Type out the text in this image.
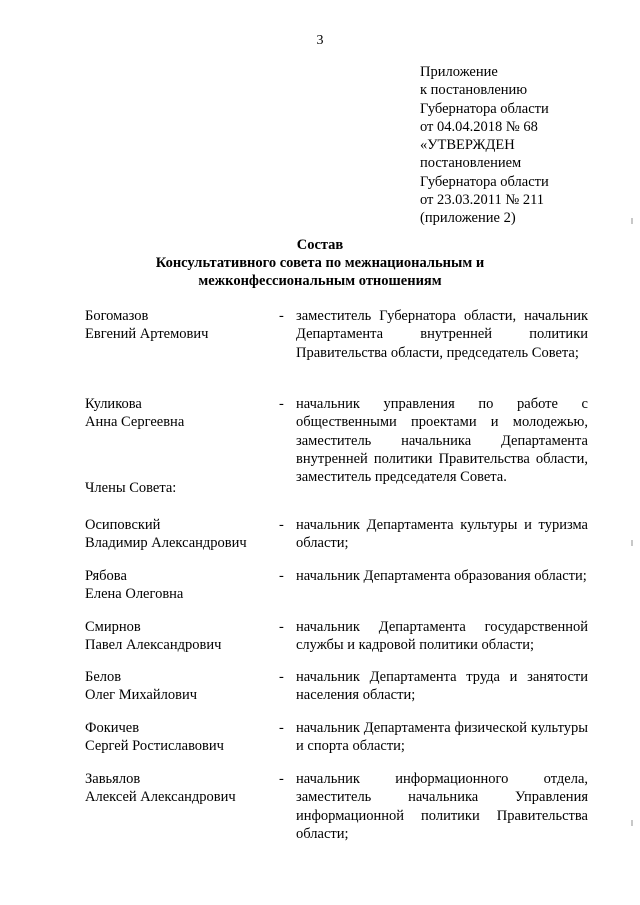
3
Приложение
к постановлению
Губернатора области
от 04.04.2018 № 68
«УТВЕРЖДЕН
постановлением
Губернатора области
от 23.03.2011 № 211
(приложение 2)
Состав
Консультативного совета по межнациональным и
межконфессиональным отношениям
Богомазов
Евгений Артемович
- заместитель Губернатора области, начальник Департамента внутренней политики Правительства области, председатель Совета;
Куликова
Анна Сергеевна
- начальник управления по работе с общественными проектами и молодежью, заместитель начальника Департамента внутренней политики Правительства области, заместитель председателя Совета.
Члены Совета:
Осиповский
Владимир Александрович
- начальник Департамента культуры и туризма области;
Рябова
Елена Олеговна
- начальник Департамента образования области;
Смирнов
Павел Александрович
- начальник Департамента государственной службы и кадровой политики области;
Белов
Олег Михайлович
- начальник Департамента труда и занятости населения области;
Фокичев
Сергей Ростиславович
- начальник Департамента физической культуры и спорта области;
Завьялов
Алексей Александрович
- начальник информационного отдела, заместитель начальника Управления информационной политики Правительства области;
